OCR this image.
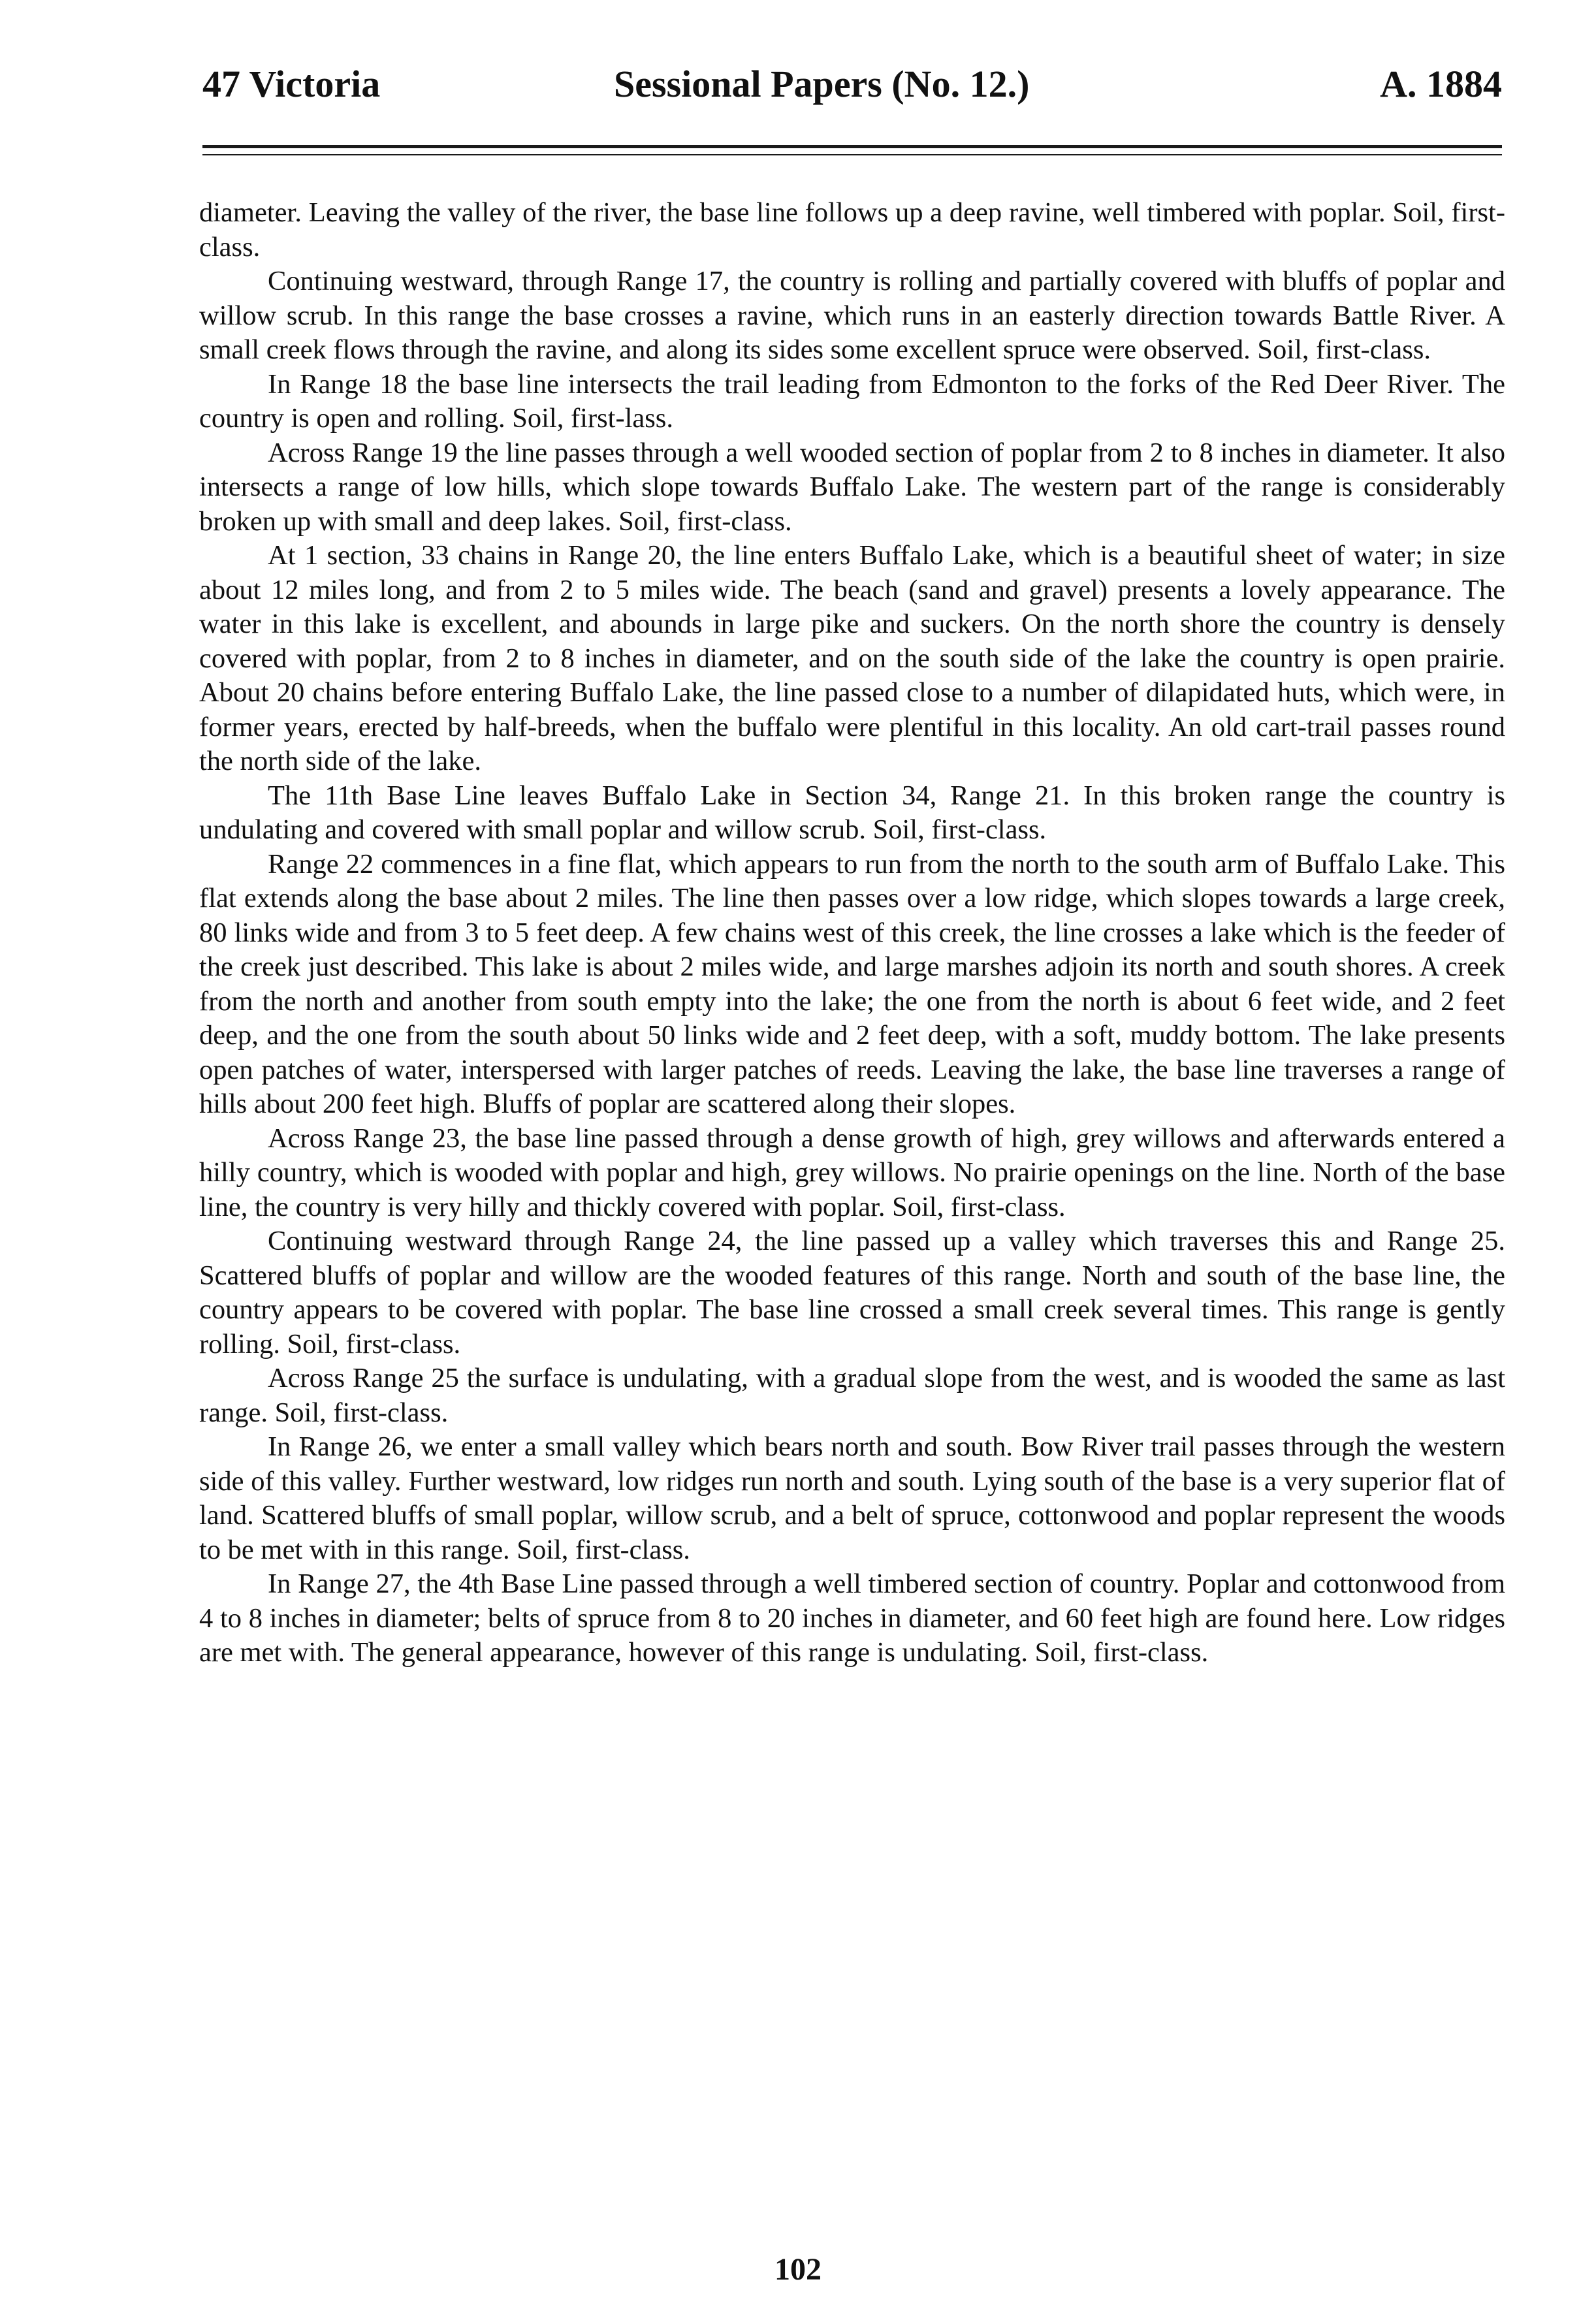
47 Victoria	Sessional Papers (No. 12.)	A. 1884

diameter. Leaving the valley of the river, the base line follows up a deep ravine, well timbered with poplar. Soil, first-class.

Continuing westward, through Range 17, the country is rolling and partially covered with bluffs of poplar and willow scrub. In this range the base crosses a ravine, which runs in an easterly direction towards Battle River. A small creek flows through the ravine, and along its sides some excellent spruce were observed. Soil, first-class.

In Range 18 the base line intersects the trail leading from Edmonton to the forks of the Red Deer River. The country is open and rolling. Soil, first-lass.

Across Range 19 the line passes through a well wooded section of poplar from 2 to 8 inches in diameter. It also intersects a range of low hills, which slope towards Buffalo Lake. The western part of the range is considerably broken up with small and deep lakes. Soil, first-class.

At 1 section, 33 chains in Range 20, the line enters Buffalo Lake, which is a beautiful sheet of water; in size about 12 miles long, and from 2 to 5 miles wide. The beach (sand and gravel) presents a lovely appearance. The water in this lake is excellent, and abounds in large pike and suckers. On the north shore the country is densely covered with poplar, from 2 to 8 inches in diameter, and on the south side of the lake the country is open prairie. About 20 chains before entering Buffalo Lake, the line passed close to a number of dilapidated huts, which were, in former years, erected by half-breeds, when the buffalo were plentiful in this locality. An old cart-trail passes round the north side of the lake.

The 11th Base Line leaves Buffalo Lake in Section 34, Range 21. In this broken range the country is undulating and covered with small poplar and willow scrub. Soil, first-class.

Range 22 commences in a fine flat, which appears to run from the north to the south arm of Buffalo Lake. This flat extends along the base about 2 miles. The line then passes over a low ridge, which slopes towards a large creek, 80 links wide and from 3 to 5 feet deep. A few chains west of this creek, the line crosses a lake which is the feeder of the creek just described. This lake is about 2 miles wide, and large marshes adjoin its north and south shores. A creek from the north and another from south empty into the lake; the one from the north is about 6 feet wide, and 2 feet deep, and the one from the south about 50 links wide and 2 feet deep, with a soft, muddy bottom. The lake presents open patches of water, interspersed with larger patches of reeds. Leaving the lake, the base line traverses a range of hills about 200 feet high. Bluffs of poplar are scattered along their slopes.

Across Range 23, the base line passed through a dense growth of high, grey willows and afterwards entered a hilly country, which is wooded with poplar and high, grey willows. No prairie openings on the line. North of the base line, the country is very hilly and thickly covered with poplar. Soil, first-class.

Continuing westward through Range 24, the line passed up a valley which traverses this and Range 25. Scattered bluffs of poplar and willow are the wooded features of this range. North and south of the base line, the country appears to be covered with poplar. The base line crossed a small creek several times. This range is gently rolling. Soil, first-class.

Across Range 25 the surface is undulating, with a gradual slope from the west, and is wooded the same as last range. Soil, first-class.

In Range 26, we enter a small valley which bears north and south. Bow River trail passes through the western side of this valley. Further westward, low ridges run north and south. Lying south of the base is a very superior flat of land. Scattered bluffs of small poplar, willow scrub, and a belt of spruce, cottonwood and poplar represent the woods to be met with in this range. Soil, first-class.

In Range 27, the 4th Base Line passed through a well timbered section of country. Poplar and cottonwood from 4 to 8 inches in diameter; belts of spruce from 8 to 20 inches in diameter, and 60 feet high are found here. Low ridges are met with. The general appearance, however of this range is undulating. Soil, first-class.

102
